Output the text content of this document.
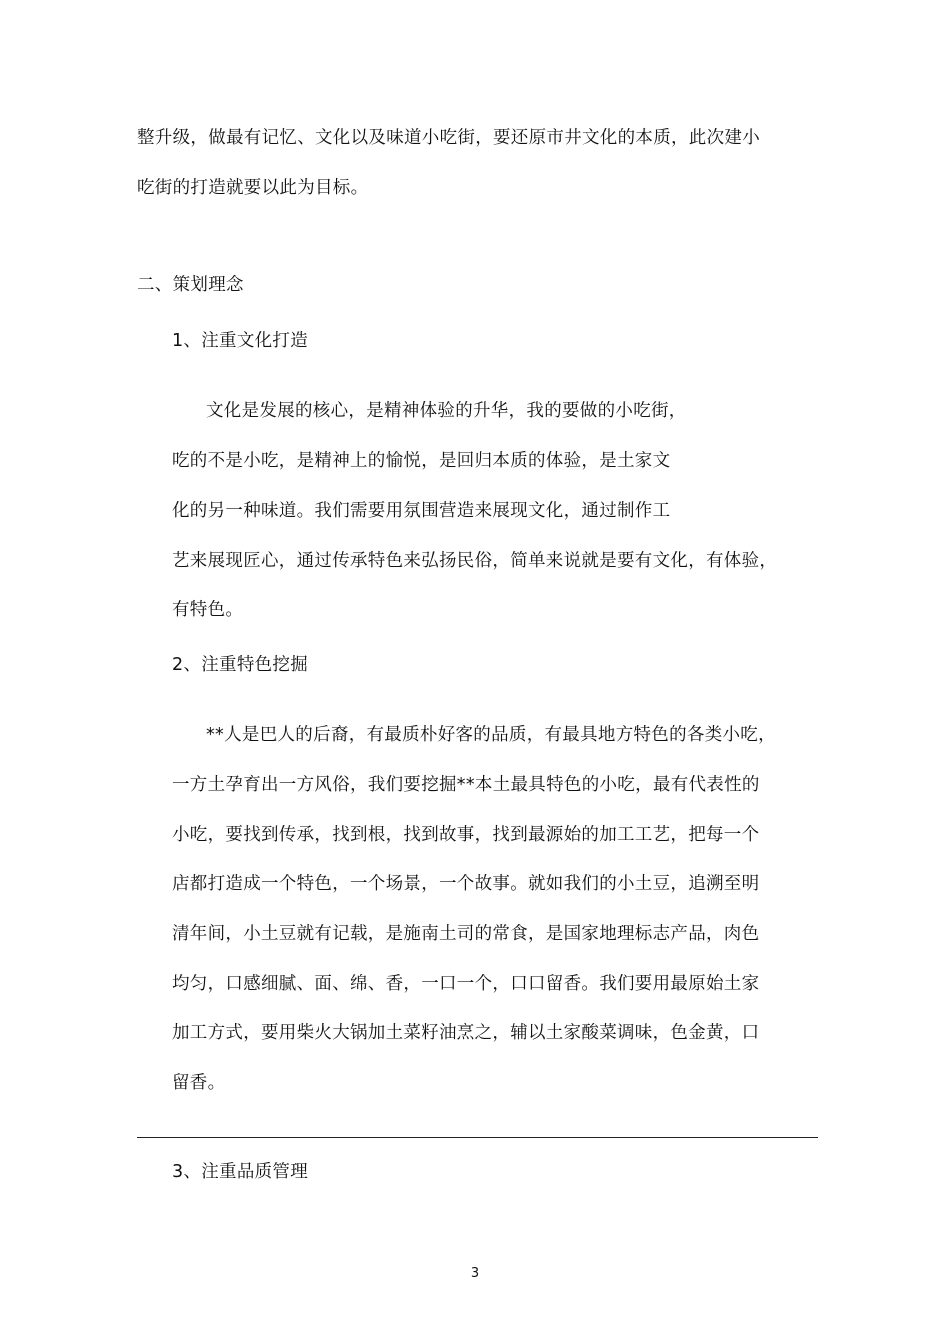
整升级，做最有记忆、文化以及味道小吃街，要还原市井文化的本质，此次建小
吃街的打造就要以此为目标。
二、策划理念
1、注重文化打造
文化是发展的核心，是精神体验的升华，我的要做的小吃街，
吃的不是小吃，是精神上的愉悦，是回归本质的体验，是土家文
化的另一种味道。我们需要用氛围营造来展现文化，通过制作工
艺来展现匠心，通过传承特色来弘扬民俗，简单来说就是要有文化，有体验，
有特色。
2、注重特色挖掘
**人是巴人的后裔，有最质朴好客的品质，有最具地方特色的各类小吃，
一方土孕育出一方风俗，我们要挖掘**本土最具特色的小吃，最有代表性的
小吃，要找到传承，找到根，找到故事，找到最源始的加工工艺，把每一个
店都打造成一个特色，一个场景，一个故事。就如我们的小土豆，追溯至明
清年间，小土豆就有记载，是施南土司的常食，是国家地理标志产品，肉色
均匀，口感细腻、面、绵、香，一口一个，口口留香。我们要用最原始土家
加工方式，要用柴火大锅加土菜籽油烹之，辅以土家酸菜调味，色金黄，口
留香。
3、注重品质管理
3
